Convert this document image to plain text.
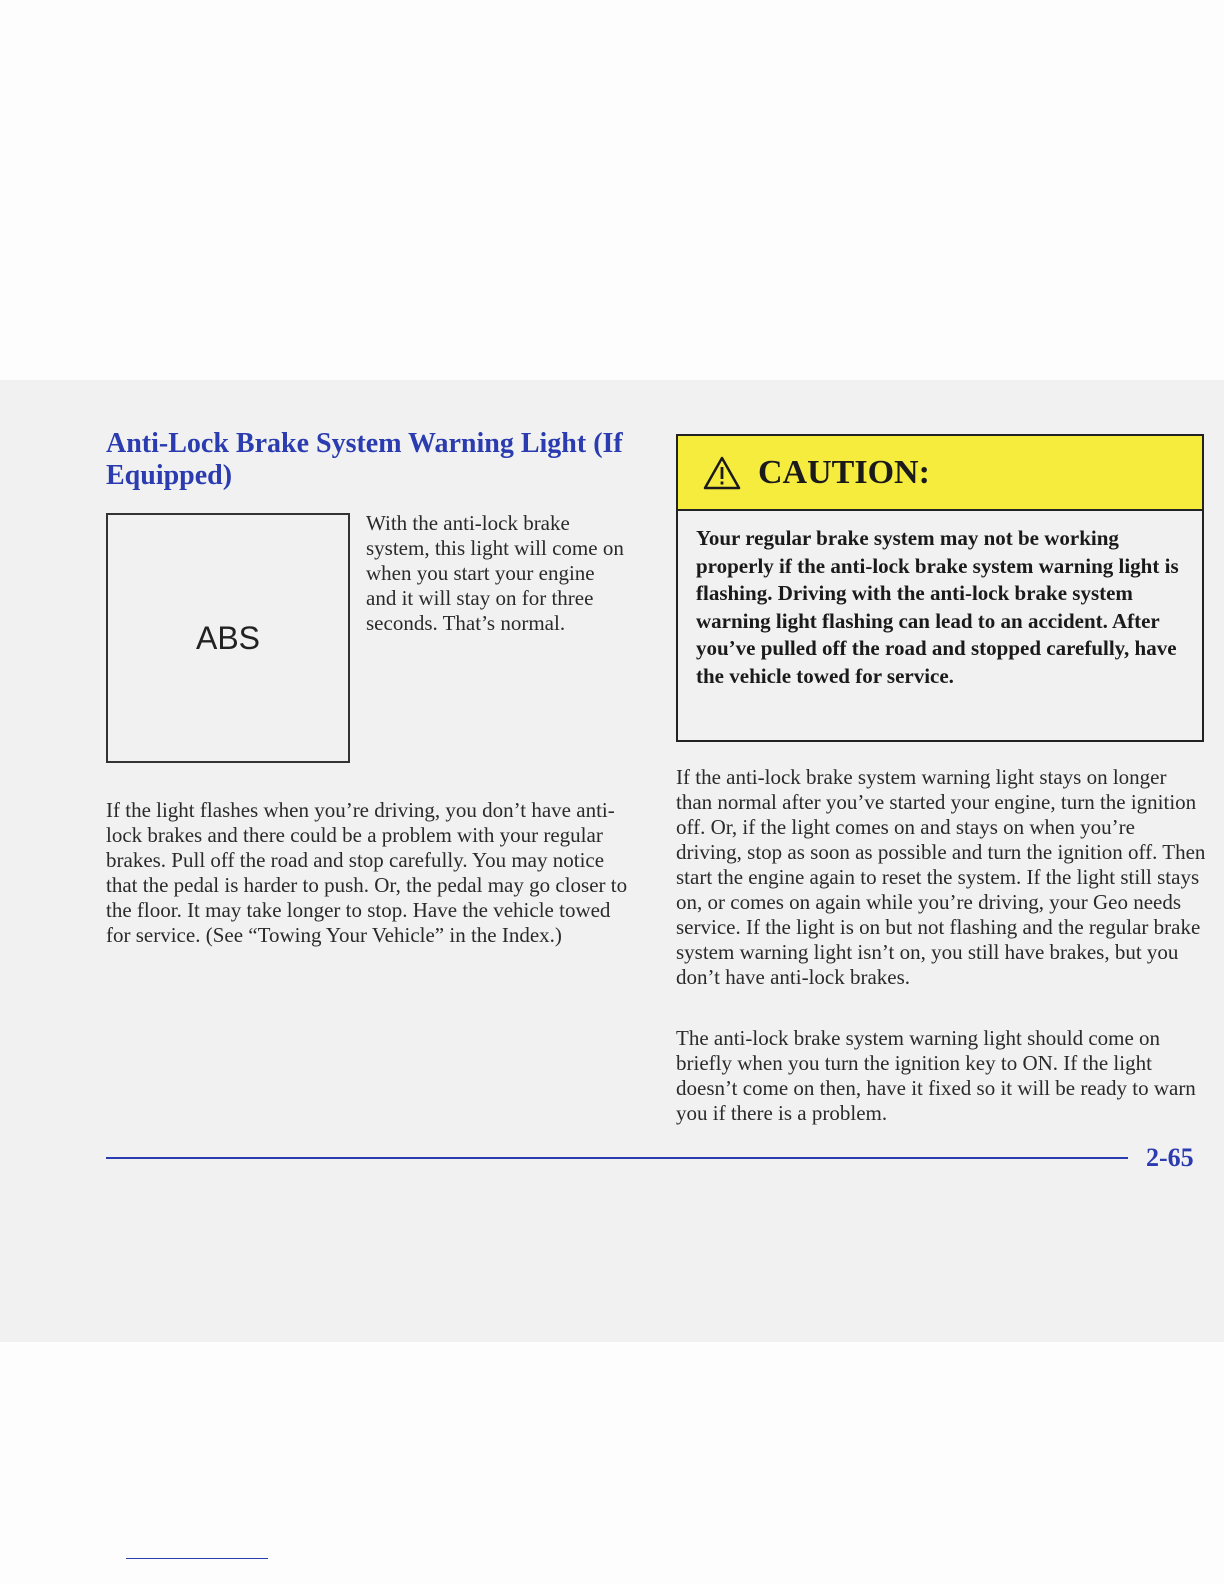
Anti-Lock Brake System Warning Light (If Equipped)
ABS

With the anti-lock brake system, this light will come on when you start your engine and it will stay on for three seconds. That’s normal.

If the light flashes when you’re driving, you don’t have anti-lock brakes and there could be a problem with your regular brakes. Pull off the road and stop carefully. You may notice that the pedal is harder to push. Or, the pedal may go closer to the floor. It may take longer to stop. Have the vehicle towed for service. (See “Towing Your Vehicle” in the Index.)

CAUTION:

Your regular brake system may not be working properly if the anti-lock brake system warning light is flashing. Driving with the anti-lock brake system warning light flashing can lead to an accident. After you’ve pulled off the road and stopped carefully, have the vehicle towed for service.

If the anti-lock brake system warning light stays on longer than normal after you’ve started your engine, turn the ignition off. Or, if the light comes on and stays on when you’re driving, stop as soon as possible and turn the ignition off. Then start the engine again to reset the system. If the light still stays on, or comes on again while you’re driving, your Geo needs service. If the light is on but not flashing and the regular brake system warning light isn’t on, you still have brakes, but you don’t have anti-lock brakes.

The anti-lock brake system warning light should come on briefly when you turn the ignition key to ON. If the light doesn’t come on then, have it fixed so it will be ready to warn you if there is a problem.

2-65
